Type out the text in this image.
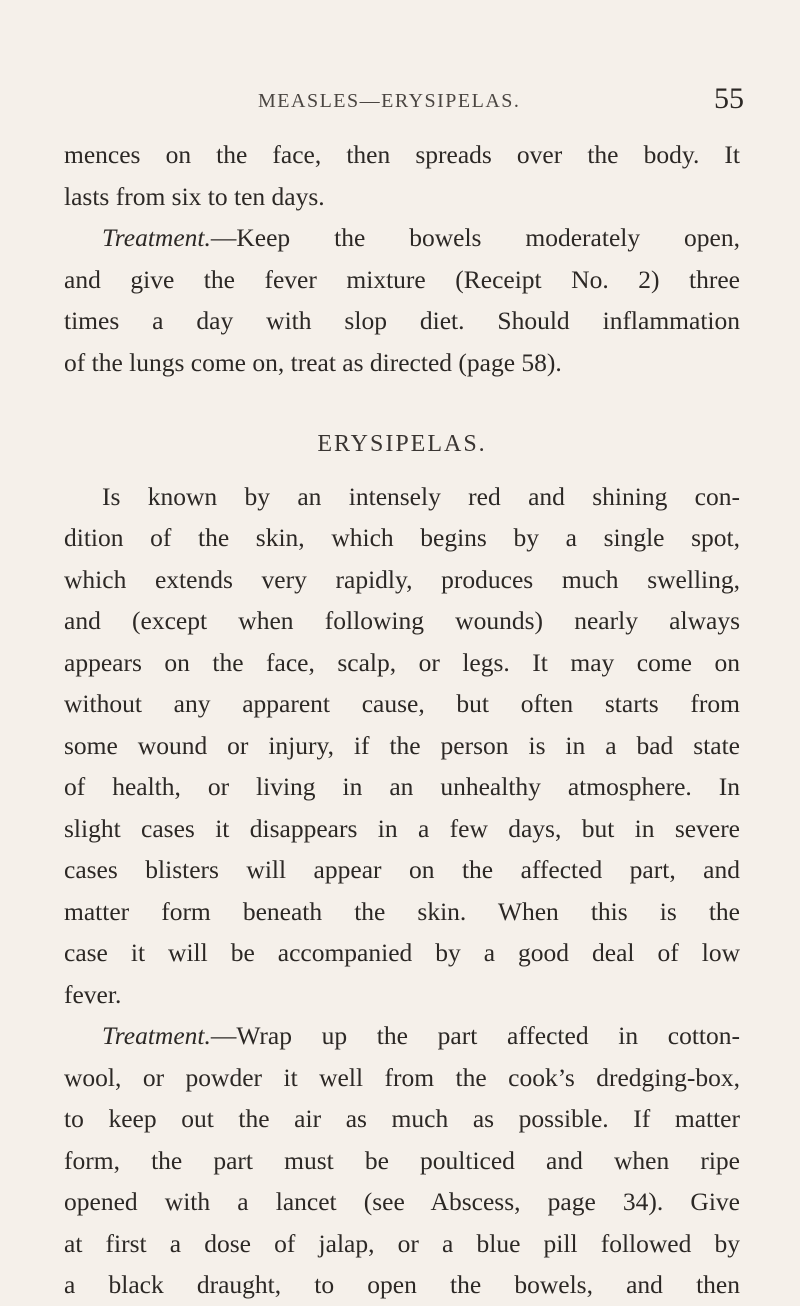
MEASLES—ERYSIPELAS.	55
mences on the face, then spreads over the body. It
lasts from six to ten days.
Treatment.—Keep the bowels moderately open,
and give the fever mixture (Receipt No. 2) three
times a day with slop diet. Should inflammation
of the lungs come on, treat as directed (page 58).
ERYSIPELAS.
Is known by an intensely red and shining con-
dition of the skin, which begins by a single spot,
which extends very rapidly, produces much swelling,
and (except when following wounds) nearly always
appears on the face, scalp, or legs. It may come on
without any apparent cause, but often starts from
some wound or injury, if the person is in a bad state
of health, or living in an unhealthy atmosphere. In
slight cases it disappears in a few days, but in severe
cases blisters will appear on the affected part, and
matter form beneath the skin. When this is the
case it will be accompanied by a good deal of low
fever.
Treatment.—Wrap up the part affected in cotton-
wool, or powder it well from the cook’s dredging-box,
to keep out the air as much as possible. If matter
form, the part must be poulticed and when ripe
opened with a lancet (see Abscess, page 34). Give
at first a dose of jalap, or a blue pill followed by
a black draught, to open the bowels, and then
